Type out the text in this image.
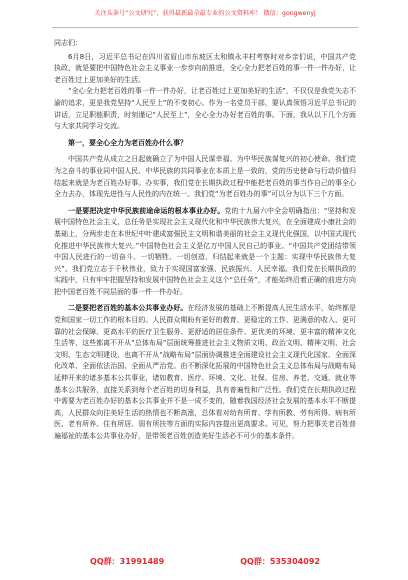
关注头条号“公文研究”，获得最新最全最专业的公文资料库！ 微信：gongwenyj

同志们：

6月8日，习近平总书记在四川省眉山市东坡区太和镇永丰村考察时对乡亲们说，中国共产党执政，就是要把中国特色社会主义事业一步步向前推进，全心全力把老百姓的事一件一件办好，让老百姓过上更加美好的生活。

“全心全力把老百姓的事一件一件办好，让老百姓过上更加美好的生活”，不仅仅是我党矢志不渝的追求，更是我党坚持“人民至上”的不变初心。作为一名党员干部，要认真领悟习近平总书记的讲话，立足职能职责，时刻谨记“人民至上”，全心全力办好老百姓的事。下面，我从以下几个方面与大家共同学习交流。

第一，要全心全力为老百姓办什么事？

中国共产党从成立之日起就确立了为中国人民谋幸福、为中华民族谋复兴的初心使命。我们党为之奋斗的事业同中国人民、中华民族的共同事业在本质上是一致的，党的历史使命与行动价值归结起来就是为老百姓办好事。办实事，我们党在长期执政过程中能把老百姓的事当作自己的事全心全力去办，体现先进性与人民性的内在统一。我们党“为老百姓办的事”可以分为以下三个方面。

一是要把决定中华民族前途命运的根本事业办好。党的十九届六中全会明确指出：“坚持和发展中国特色社会主义，总任务是实现社会主义现代化和中华民族伟大复兴，在全面建成小康社会的基础上，分两步走在本世纪中叶建成富强民主文明和谐美丽的社会主义现代化强国，以中国式现代化推进中华民族伟大复兴。”中国特色社会主义是亿万中国人民自己的事业。“中国共产党团结带领中国人民进行的一切奋斗、一切牺牲、一切创造，归结起来就是一个主题：实现中华民族伟大复兴”。我们党立志于千秋伟业，致力于实现国富家强、民族振兴、人民幸福。我们党在长期执政的实践中，只有牢牢把握坚持和发展中国特色社会主义这个“总任务”，才能始终沿着正确的前进方向把中国老百姓不同层面的事一件一件办好。

二是要把老百姓的基本公共事业办好。在经济发展的基础上不断提高人民生活水平，始终都是党和国家一切工作的根本目的。人民群众期盼有更好的教育、更稳定的工作、更满意的收入、更可靠的社会保障、更高水平的医疗卫生服务、更舒适的居住条件、更优美的环境、更丰富的精神文化生活等，这些都离不开从“总体布局”层面统筹推进社会主义物质文明、政治文明、精神文明、社会文明、生态文明建设，也离不开从“战略布局”层面协调推进全面建设社会主义现代化国家、全面深化改革、全面依法治国、全面从严治党。由不断深化拓展的中国特色社会主义总体布局与战略布局延伸开来的诸多基本公共事业，诸如教育、医疗、环境、文化、社保、住房、养老、交通、就业等基本公共服务，直接关系到每个老百姓的切身利益，具有普遍性和广泛性。我们党在长期执政过程中需要为老百姓办好的基本公共事业并不是一成不变的，随着我国经济社会发展的基本水平不断提高，人民群众向往美好生活的热情也不断高涨，总体看对幼有所育、学有所教、劳有所得、病有所医、老有所养、住有所居、弱有所扶等方面的实际内容提出更高要求。可见，努力把事关老百姓普遍福祉的基本公共事业办好，是带领老百姓创造美好生活必不可少的基本条件。

QQ群：31991489	QQ群：535304092
